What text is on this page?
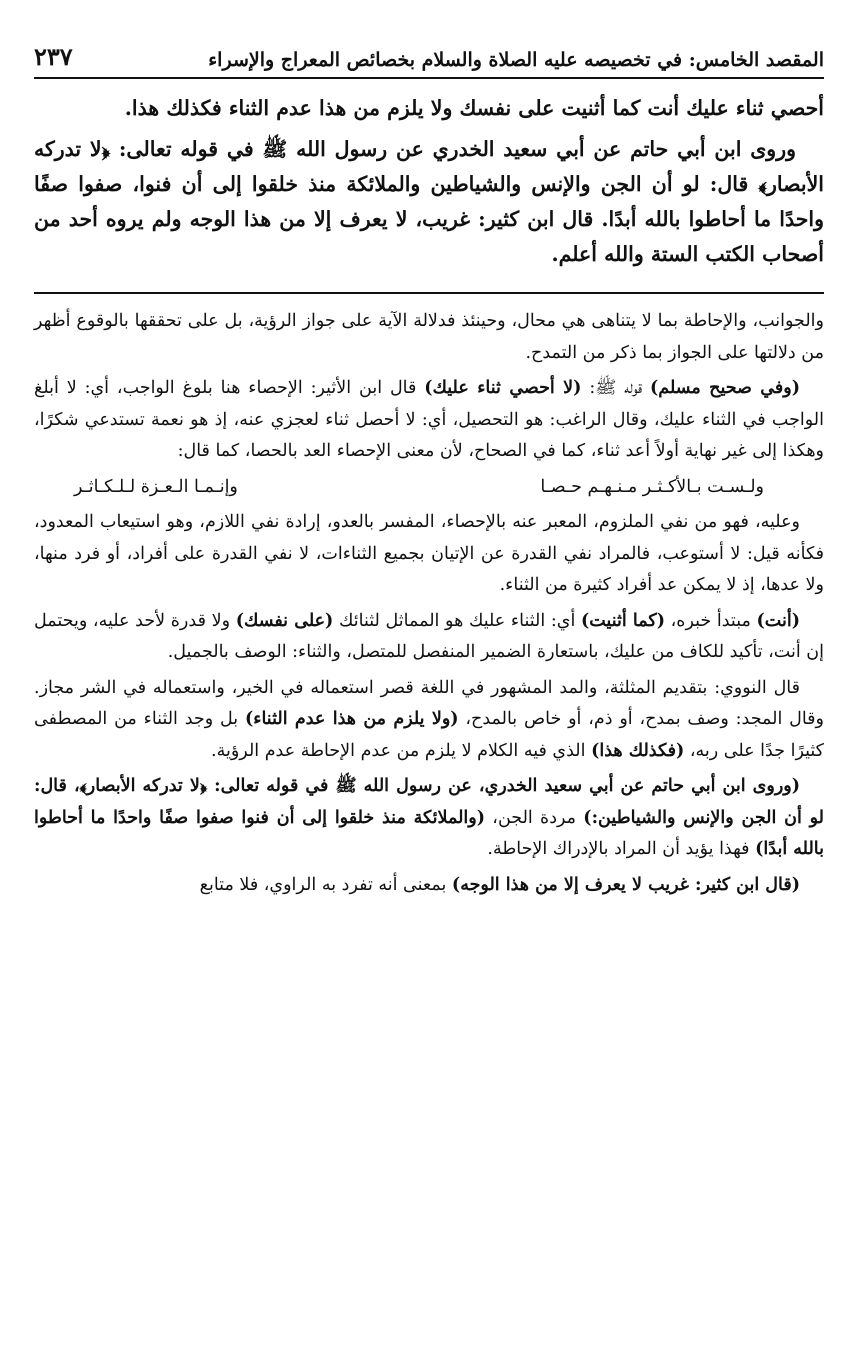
المقصد الخامس: في تخصيصه عليه الصلاة والسلام بخصائص المعراج والإسراء
٢٣٧

أحصي ثناء عليك أنت كما أثنيت على نفسك ولا يلزم من هذا عدم الثناء فكذلك هذا.

وروى ابن أبي حاتم عن أبي سعيد الخدري عن رسول الله ﷺ في قوله تعالى: ﴿لا تدركه الأبصار﴾ قال: لو أن الجن والإنس والشياطين والملائكة منذ خلقوا إلى أن فنوا، صفوا صفًا واحدًا ما أحاطوا بالله أبدًا. قال ابن كثير: غريب، لا يعرف إلا من هذا الوجه ولم يروه أحد من أصحاب الكتب الستة والله أعلم.

والجوانب، والإحاطة بما لا يتناهى هي محال، وحينئذ فدلالة الآية على جواز الرؤية، بل على تحققها بالوقوع أظهر من دلالتها على الجواز بما ذكر من التمدح.

(وفي صحيح مسلم) قوله ﷺ: (لا أحصي ثناء عليك) قال ابن الأثير: الإحصاء هنا بلوغ الواجب، أي: لا أبلغ الواجب في الثناء عليك، وقال الراغب: هو التحصيل، أي: لا أحصل ثناء لعجزي عنه، إذ هو نعمة تستدعي شكرًا، وهكذا إلى غير نهاية أولاً أعد ثناء، كما في الصحاح، لأن معنى الإحصاء العد بالحصا، كما قال:

ولـسـت بـالأكـثـر مـنـهـم حـصـا
وإنـمـا الـعـزة لـلـكـاثـر

وعليه، فهو من نفي الملزوم، المعبر عنه بالإحصاء، المفسر بالعدو، إرادة نفي اللازم، وهو استيعاب المعدود، فكأنه قيل: لا أستوعب، فالمراد نفي القدرة عن الإتيان بجميع الثناءات، لا نفي القدرة على أفراد، أو فرد منها، ولا عدها، إذ لا يمكن عد أفراد كثيرة من الثناء.

(أنت) مبتدأ خبره، (كما أثنيت) أي: الثناء عليك هو المماثل لثنائك (على نفسك) ولا قدرة لأحد عليه، ويحتمل إن أنت، تأكيد للكاف من عليك، باستعارة الضمير المنفصل للمتصل، والثناء: الوصف بالجميل.

قال النووي: بتقديم المثلثة، والمد المشهور في اللغة قصر استعماله في الخير، واستعماله في الشر مجاز. وقال المجد: وصف بمدح، أو ذم، أو خاص بالمدح، (ولا يلزم من هذا عدم الثناء) بل وجد الثناء من المصطفى كثيرًا جدًا على ربه، (فكذلك هذا) الذي فيه الكلام لا يلزم من عدم الإحاطة عدم الرؤية.

(وروى ابن أبي حاتم عن أبي سعيد الخدري، عن رسول الله ﷺ في قوله تعالى: ﴿لا تدركه الأبصار﴾، قال: لو أن الجن والإنس والشياطين:) مردة الجن، (والملائكة منذ خلقوا إلى أن فنوا صفوا صفًا واحدًا ما أحاطوا بالله أبدًا) فهذا يؤيد أن المراد بالإدراك الإحاطة.

(قال ابن كثير: غريب لا يعرف إلا من هذا الوجه) بمعنى أنه تفرد به الراوي، فلا متابع
